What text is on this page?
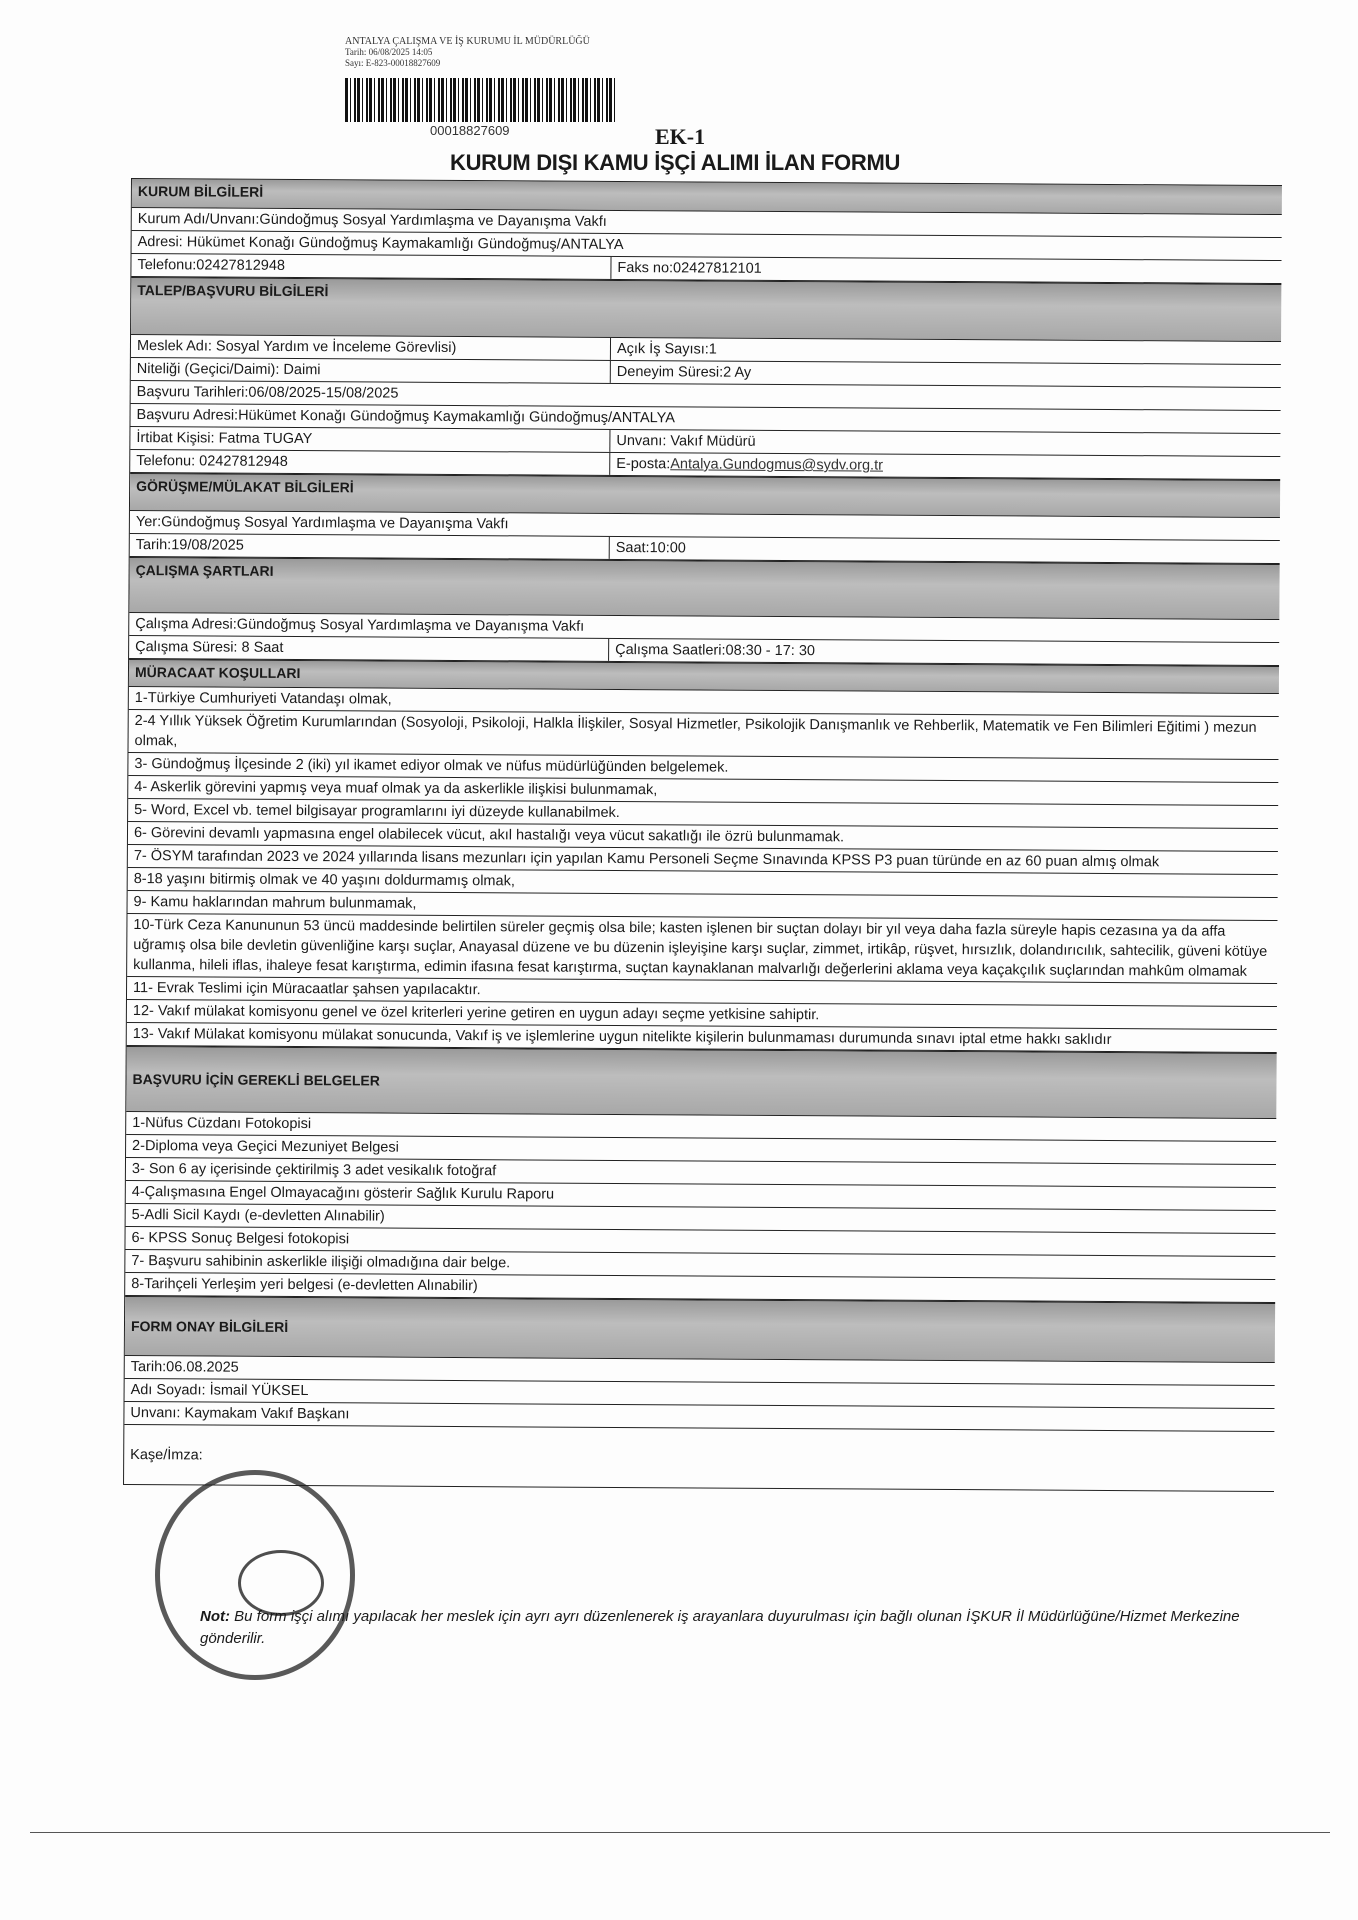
ANTALYA ÇALIŞMA VE İŞ KURUMU İL MÜDÜRLÜĞÜ
Tarih: 06/08/2025 14:05
Sayı: E-823-00018827609
00018827609	EK-1
KURUM DIŞI KAMU İŞÇİ ALIMI İLAN FORMU
KURUM BİLGİLERİ
Kurum Adı/Unvanı:Gündoğmuş Sosyal Yardımlaşma ve Dayanışma Vakfı
Adresi: Hükümet Konağı Gündoğmuş Kaymakamlığı Gündoğmuş/ANTALYA
Telefonu:02427812948	Faks no:02427812101
TALEP/BAŞVURU BİLGİLERİ
Meslek Adı: Sosyal Yardım ve İnceleme Görevlisi)	Açık İş Sayısı:1
Niteliği (Geçici/Daimi): Daimi	Deneyim Süresi:2 Ay
Başvuru Tarihleri:06/08/2025-15/08/2025
Başvuru Adresi:Hükümet Konağı Gündoğmuş Kaymakamlığı Gündoğmuş/ANTALYA
İrtibat Kişisi: Fatma TUGAY	Unvanı: Vakıf Müdürü
Telefonu: 02427812948	E-posta:Antalya.Gundogmus@sydv.org.tr
GÖRÜŞME/MÜLAKAT BİLGİLERİ
Yer:Gündoğmuş Sosyal Yardımlaşma ve Dayanışma Vakfı
Tarih:19/08/2025	Saat:10:00
ÇALIŞMA ŞARTLARI
Çalışma Adresi:Gündoğmuş Sosyal Yardımlaşma ve Dayanışma Vakfı
Çalışma Süresi: 8 Saat	Çalışma Saatleri:08:30 - 17: 30
MÜRACAAT KOŞULLARI
1-Türkiye Cumhuriyeti Vatandaşı olmak,
2-4 Yıllık Yüksek Öğretim Kurumlarından (Sosyoloji, Psikoloji, Halkla İlişkiler, Sosyal Hizmetler, Psikolojik Danışmanlık ve Rehberlik, Matematik ve Fen Bilimleri Eğitimi ) mezun olmak,
3- Gündoğmuş İlçesinde 2 (iki) yıl ikamet ediyor olmak ve nüfus müdürlüğünden belgelemek.
4- Askerlik görevini yapmış veya muaf olmak ya da askerlikle ilişkisi bulunmamak,
5- Word, Excel vb. temel bilgisayar programlarını iyi düzeyde kullanabilmek.
6- Görevini devamlı yapmasına engel olabilecek vücut, akıl hastalığı veya vücut sakatlığı ile özrü bulunmamak.
7- ÖSYM tarafından 2023 ve 2024 yıllarında lisans mezunları için yapılan Kamu Personeli Seçme Sınavında KPSS P3 puan türünde en az 60 puan almış olmak
8-18 yaşını bitirmiş olmak ve 40 yaşını doldurmamış olmak,
9- Kamu haklarından mahrum bulunmamak,
10-Türk Ceza Kanununun 53 üncü maddesinde belirtilen süreler geçmiş olsa bile; kasten işlenen bir suçtan dolayı bir yıl veya daha fazla süreyle hapis cezasına ya da affa uğramış olsa bile devletin güvenliğine karşı suçlar, Anayasal düzene ve bu düzenin işleyişine karşı suçlar, zimmet, irtikâp, rüşvet, hırsızlık, dolandırıcılık, sahtecilik, güveni kötüye kullanma, hileli iflas, ihaleye fesat karıştırma, edimin ifasına fesat karıştırma, suçtan kaynaklanan malvarlığı değerlerini aklama veya kaçakçılık suçlarından mahkûm olmamak
11- Evrak Teslimi için Müracaatlar şahsen yapılacaktır.
12- Vakıf mülakat komisyonu genel ve özel kriterleri yerine getiren en uygun adayı seçme yetkisine sahiptir.
13- Vakıf Mülakat komisyonu mülakat sonucunda, Vakıf iş ve işlemlerine uygun nitelikte kişilerin bulunmaması durumunda sınavı iptal etme hakkı saklıdır
BAŞVURU İÇİN GEREKLİ BELGELER
1-Nüfus Cüzdanı Fotokopisi
2-Diploma veya Geçici Mezuniyet Belgesi
3- Son 6 ay içerisinde çektirilmiş 3 adet vesikalık fotoğraf
4-Çalışmasına Engel Olmayacağını gösterir Sağlık Kurulu Raporu
5-Adli Sicil Kaydı (e-devletten Alınabilir)
6- KPSS Sonuç Belgesi fotokopisi
7- Başvuru sahibinin askerlikle ilişiği olmadığına dair belge.
8-Tarihçeli Yerleşim yeri belgesi (e-devletten Alınabilir)
FORM ONAY BİLGİLERİ
Tarih:06.08.2025
Adı Soyadı: İsmail YÜKSEL
Unvanı: Kaymakam Vakıf Başkanı
Kaşe/İmza:
Not: Bu form işçi alımı yapılacak her meslek için ayrı ayrı düzenlenerek iş arayanlara duyurulması için bağlı olunan İŞKUR İl Müdürlüğüne/Hizmet Merkezine gönderilir.
